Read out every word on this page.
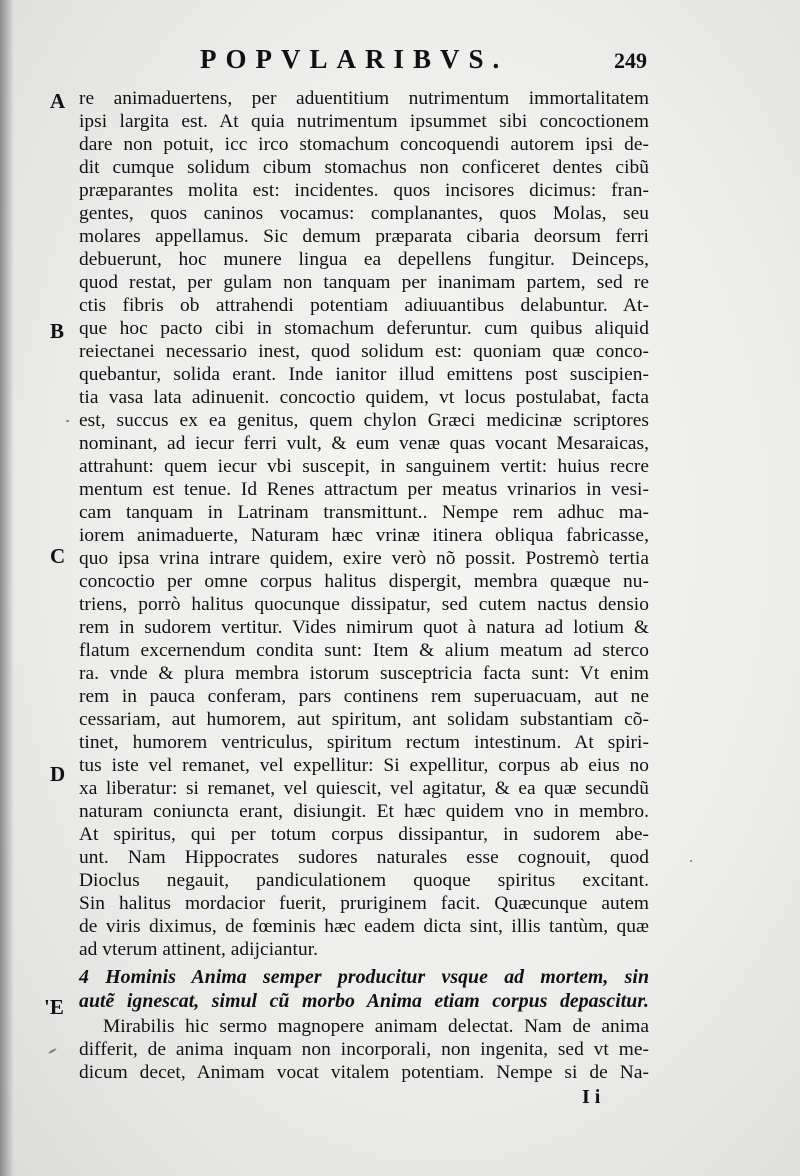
POPVLARIBVS.	249
A
B
C
D
'E
re animaduertens, per aduentitium nutrimentum immortalitatem
ipsi largita est. At quia nutrimentum ipsummet sibi concoctionem
dare non potuit, icc irco stomachum concoquendi autorem ipsi de-
dit cumque solidum cibum stomachus non conficeret dentes cibũ
præparantes molita est: incidentes. quos incisores dicimus: fran-
gentes, quos caninos vocamus: complanantes, quos Molas, seu
molares appellamus. Sic demum præparata cibaria deorsum ferri
debuerunt, hoc munere lingua ea depellens fungitur. Deinceps,
quod restat, per gulam non tanquam per inanimam partem, sed re
ctis fibris ob attrahendi potentiam adiuuantibus delabuntur. At-
que hoc pacto cibi in stomachum deferuntur. cum quibus aliquid
reiectanei necessario inest, quod solidum est: quoniam quæ conco-
quebantur, solida erant. Inde ianitor illud emittens post suscipien-
tia vasa lata adinuenit. concoctio quidem, vt locus postulabat, facta
est, succus ex ea genitus, quem chylon Græci medicinæ scriptores
nominant, ad iecur ferri vult, & eum venæ quas vocant Mesaraicas,
attrahunt: quem iecur vbi suscepit, in sanguinem vertit: huius recre
mentum est tenue. Id Renes attractum per meatus vrinarios in vesi-
cam tanquam in Latrinam transmittunt.. Nempe rem adhuc ma-
iorem animaduerte, Naturam hæc vrinæ itinera obliqua fabricasse,
quo ipsa vrina intrare quidem, exire verò nõ possit. Postremò tertia
concoctio per omne corpus halitus dispergit, membra quæque nu-
triens, porrò halitus quocunque dissipatur, sed cutem nactus densio
rem in sudorem vertitur. Vides nimirum quot à natura ad lotium &
flatum excernendum condita sunt: Item & alium meatum ad sterco
ra. vnde & plura membra istorum susceptricia facta sunt: Vt enim
rem in pauca conferam, pars continens rem superuacuam, aut ne
cessariam, aut humorem, aut spiritum, ant solidam substantiam cõ-
tinet, humorem ventriculus, spiritum rectum intestinum. At spiri-
tus iste vel remanet, vel expellitur: Si expellitur, corpus ab eius no
xa liberatur: si remanet, vel quiescit, vel agitatur, & ea quæ secundũ
naturam coniuncta erant, disiungit. Et hæc quidem vno in membro.
At spiritus, qui per totum corpus dissipantur, in sudorem abe-
unt. Nam Hippocrates sudores naturales esse cognouit, quod
Dioclus negauit, pandiculationem quoque spiritus excitant.
Sin halitus mordacior fuerit, pruriginem facit. Quæcunque autem
de viris diximus, de fœminis hæc eadem dicta sint, illis tantùm, quæ
ad vterum attinent, adijciantur.
4 Hominis Anima semper producitur vsque ad mortem, sin
autẽ ignescat, simul cũ morbo Anima etiam corpus depascitur.
Mirabilis hic sermo magnopere animam delectat. Nam de anima
differit, de anima inquam non incorporali, non ingenita, sed vt me-
dicum decet, Animam vocat vitalem potentiam. Nempe si de Na-
I i
